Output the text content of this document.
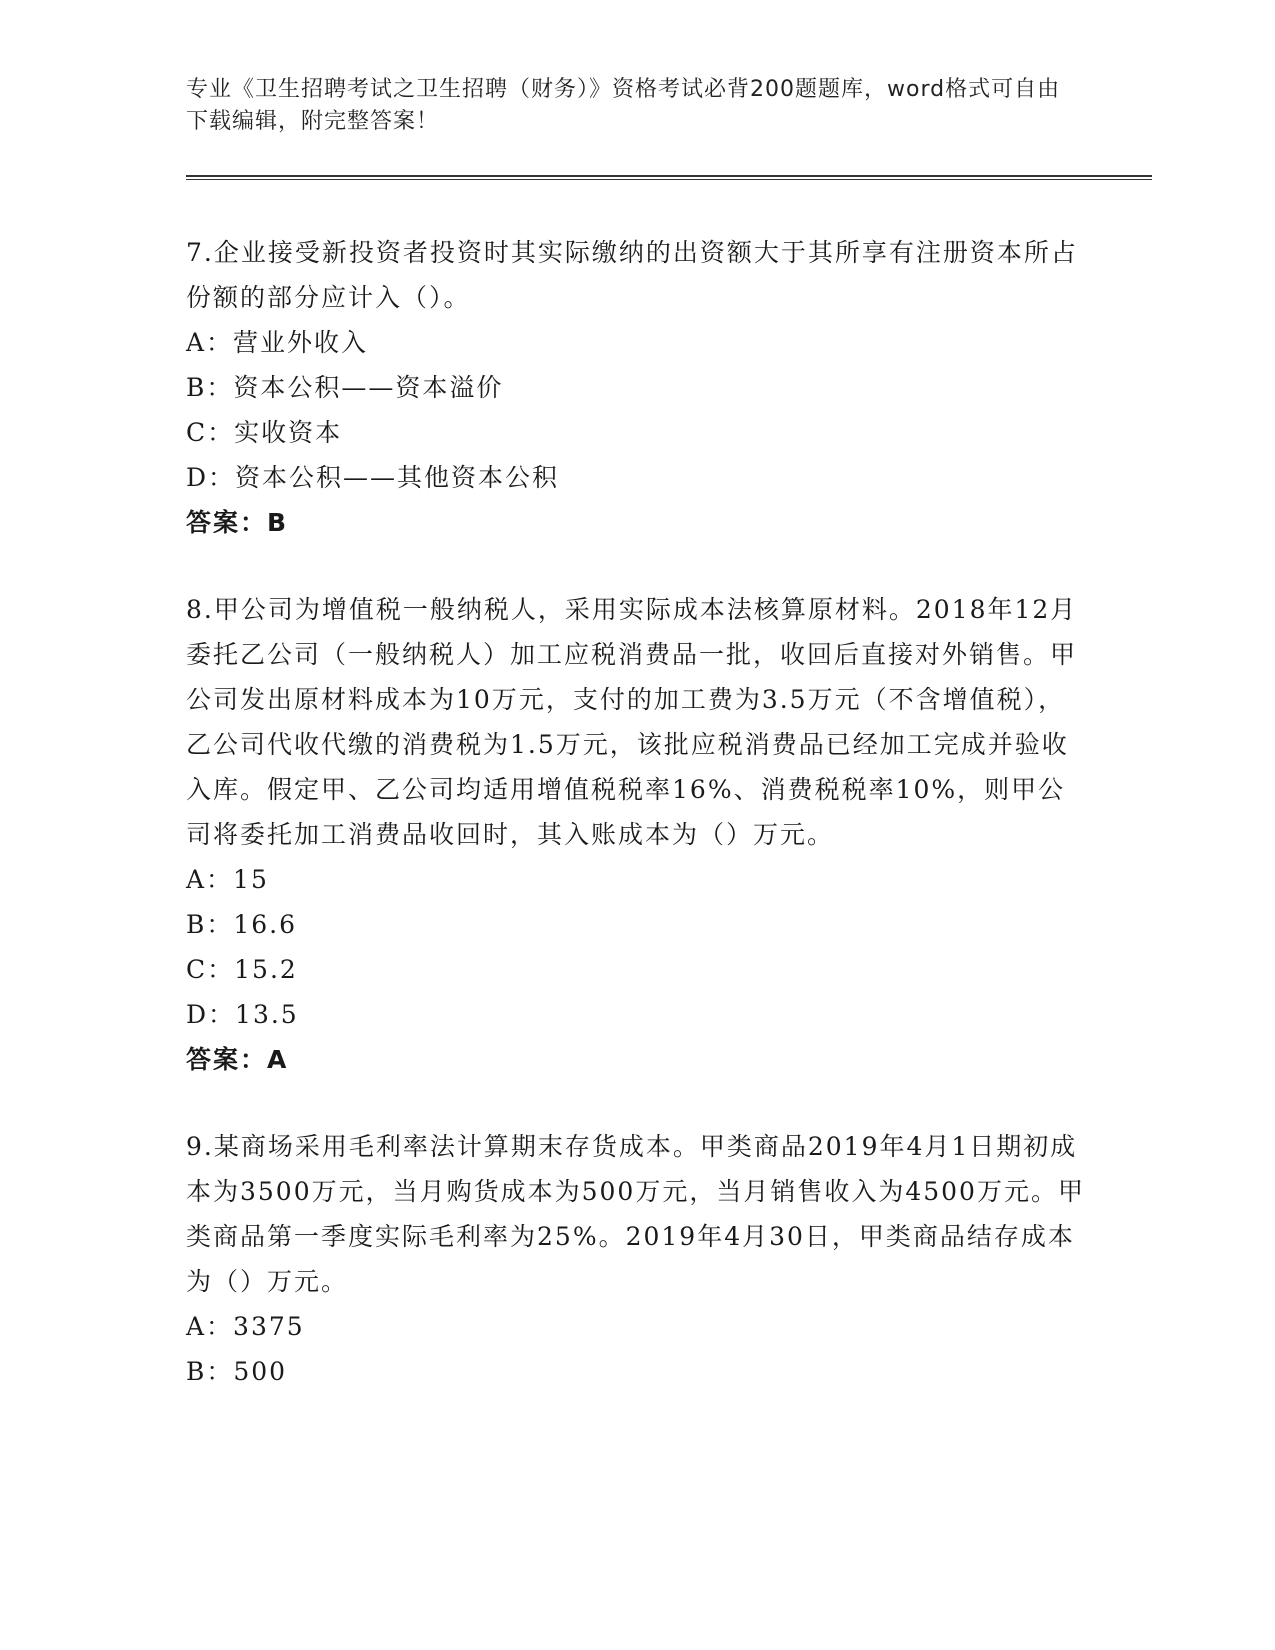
专业《卫生招聘考试之卫生招聘（财务）》资格考试必背200题题库，word格式可自由下载编辑，附完整答案！

7.企业接受新投资者投资时其实际缴纳的出资额大于其所享有注册资本所占份额的部分应计入（）。

A：营业外收入

B：资本公积——资本溢价

C：实收资本

D：资本公积——其他资本公积

答案：B

8.甲公司为增值税一般纳税人，采用实际成本法核算原材料。2018年12月委托乙公司（一般纳税人）加工应税消费品一批，收回后直接对外销售。甲公司发出原材料成本为10万元，支付的加工费为3.5万元（不含增值税），乙公司代收代缴的消费税为1.5万元，该批应税消费品已经加工完成并验收入库。假定甲、乙公司均适用增值税税率16%、消费税税率10%，则甲公司将委托加工消费品收回时，其入账成本为（）万元。

A：15

B：16.6

C：15.2

D：13.5

答案：A

9.某商场采用毛利率法计算期末存货成本。甲类商品2019年4月1日期初成本为3500万元，当月购货成本为500万元，当月销售收入为4500万元。甲类商品第一季度实际毛利率为25%。2019年4月30日，甲类商品结存成本为（）万元。

A：3375

B：500
